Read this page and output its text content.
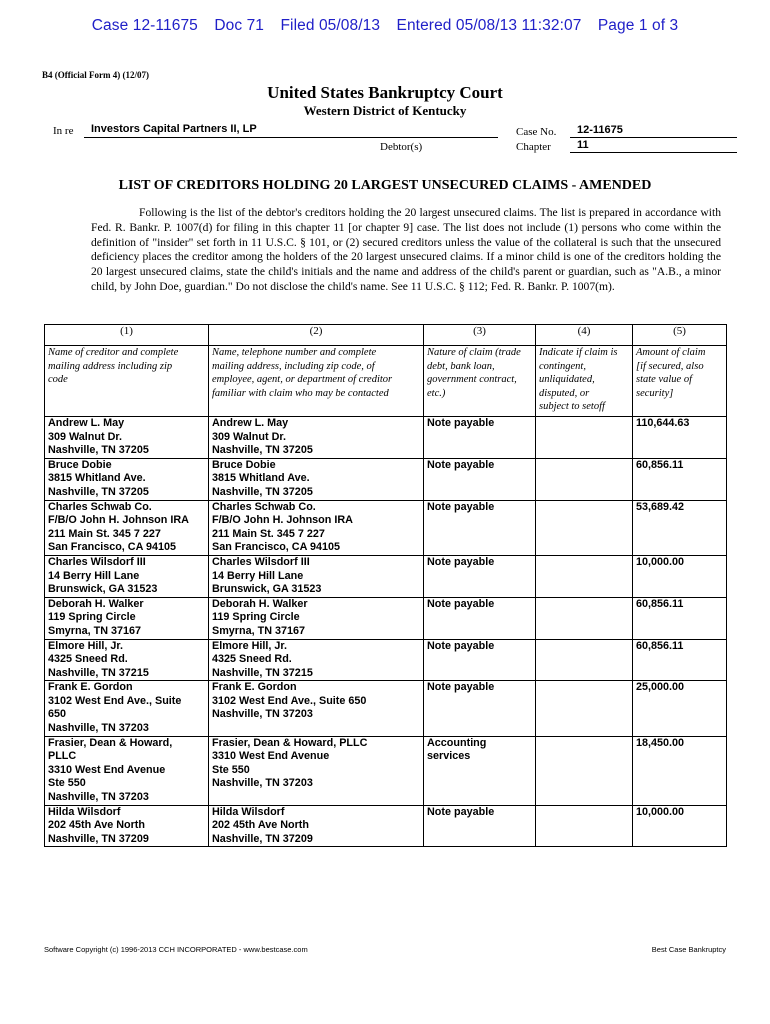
Case 12-11675 Doc 71 Filed 05/08/13 Entered 05/08/13 11:32:07 Page 1 of 3
B4 (Official Form 4) (12/07)
United States Bankruptcy Court
Western District of Kentucky
In re	Investors Capital Partners II, LP
Debtor(s)
Case No.
Chapter
12-11675
11
LIST OF CREDITORS HOLDING 20 LARGEST UNSECURED CLAIMS - AMENDED
Following is the list of the debtor's creditors holding the 20 largest unsecured claims. The list is prepared in accordance with Fed. R. Bankr. P. 1007(d) for filing in this chapter 11 [or chapter 9] case. The list does not include (1) persons who come within the definition of "insider" set forth in 11 U.S.C. § 101, or (2) secured creditors unless the value of the collateral is such that the unsecured deficiency places the creditor among the holders of the 20 largest unsecured claims. If a minor child is one of the creditors holding the 20 largest unsecured claims, state the child's initials and the name and address of the child's parent or guardian, such as "A.B., a minor child, by John Doe, guardian." Do not disclose the child's name. See 11 U.S.C. § 112; Fed. R. Bankr. P. 1007(m).
(1)	(2)	(3)	(4)	(5)

Name of creditor and complete
mailing address including zip
code	Name, telephone number and complete
mailing address, including zip code, of
employee, agent, or department of creditor
familiar with claim who may be contacted	Nature of claim (trade
debt, bank loan,
government contract,
etc.)	Indicate if claim is
contingent,
unliquidated,
disputed, or
subject to setoff	Amount of claim
[if secured, also
state value of
security]

Andrew L. May
309 Walnut Dr.
Nashville, TN 37205	Andrew L. May
309 Walnut Dr.
Nashville, TN 37205	Note payable		110,644.63

Bruce Dobie
3815 Whitland Ave.
Nashville, TN 37205	Bruce Dobie
3815 Whitland Ave.
Nashville, TN 37205	Note payable		60,856.11

Charles Schwab Co.
F/B/O John H. Johnson IRA
211 Main St. 345 7 227
San Francisco, CA 94105	Charles Schwab Co.
F/B/O John H. Johnson IRA
211 Main St. 345 7 227
San Francisco, CA 94105	Note payable		53,689.42

Charles Wilsdorf III
14 Berry Hill Lane
Brunswick, GA 31523	Charles Wilsdorf III
14 Berry Hill Lane
Brunswick, GA 31523	Note payable		10,000.00

Deborah H. Walker
119 Spring Circle
Smyrna, TN 37167	Deborah H. Walker
119 Spring Circle
Smyrna, TN 37167	Note payable		60,856.11

Elmore Hill, Jr.
4325 Sneed Rd.
Nashville, TN 37215	Elmore Hill, Jr.
4325 Sneed Rd.
Nashville, TN 37215	Note payable		60,856.11

Frank E. Gordon
3102 West End Ave., Suite
650
Nashville, TN 37203	Frank E. Gordon
3102 West End Ave., Suite 650
Nashville, TN 37203	Note payable		25,000.00

Frasier, Dean & Howard,
PLLC
3310 West End Avenue
Ste 550
Nashville, TN 37203	Frasier, Dean & Howard, PLLC
3310 West End Avenue
Ste 550
Nashville, TN 37203	Accounting
services		18,450.00

Hilda Wilsdorf
202 45th Ave North
Nashville, TN 37209	Hilda Wilsdorf
202 45th Ave North
Nashville, TN 37209	Note payable		10,000.00
Software Copyright (c) 1996-2013 CCH INCORPORATED - www.bestcase.com	Best Case Bankruptcy
